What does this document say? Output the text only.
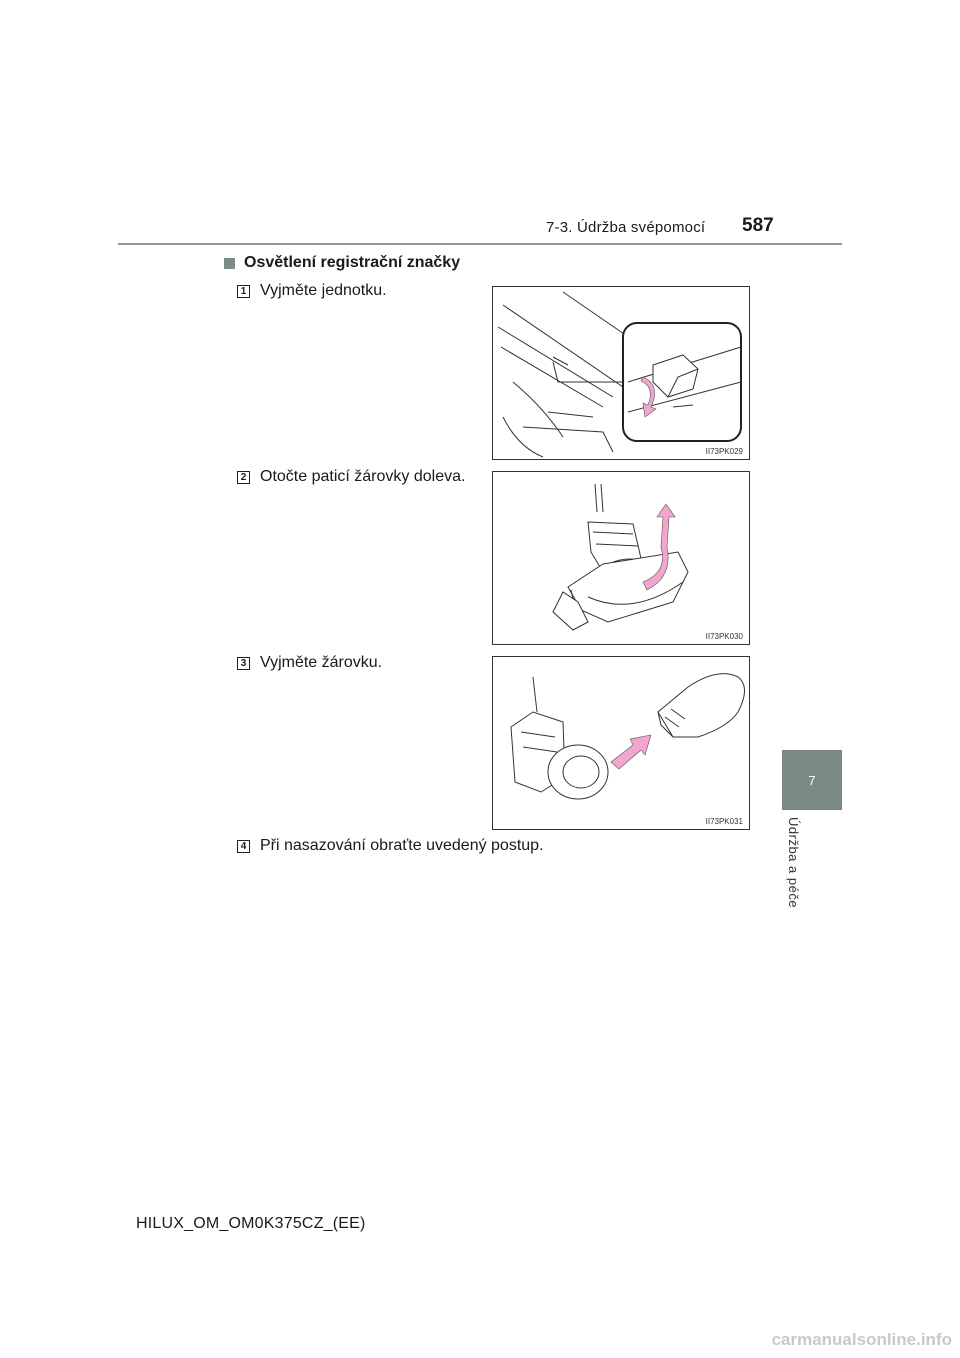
7-3. Údržba svépomocí 587
Osvětlení registrační značky
1 Vyjměte jednotku.
II73PK029
2 Otočte paticí žárovky doleva.
II73PK030
3 Vyjměte žárovku.
II73PK031
4 Při nasazování obraťte uvedený postup.
7
Údržba a péče
HILUX_OM_OM0K375CZ_(EE)
carmanualsonline.info
